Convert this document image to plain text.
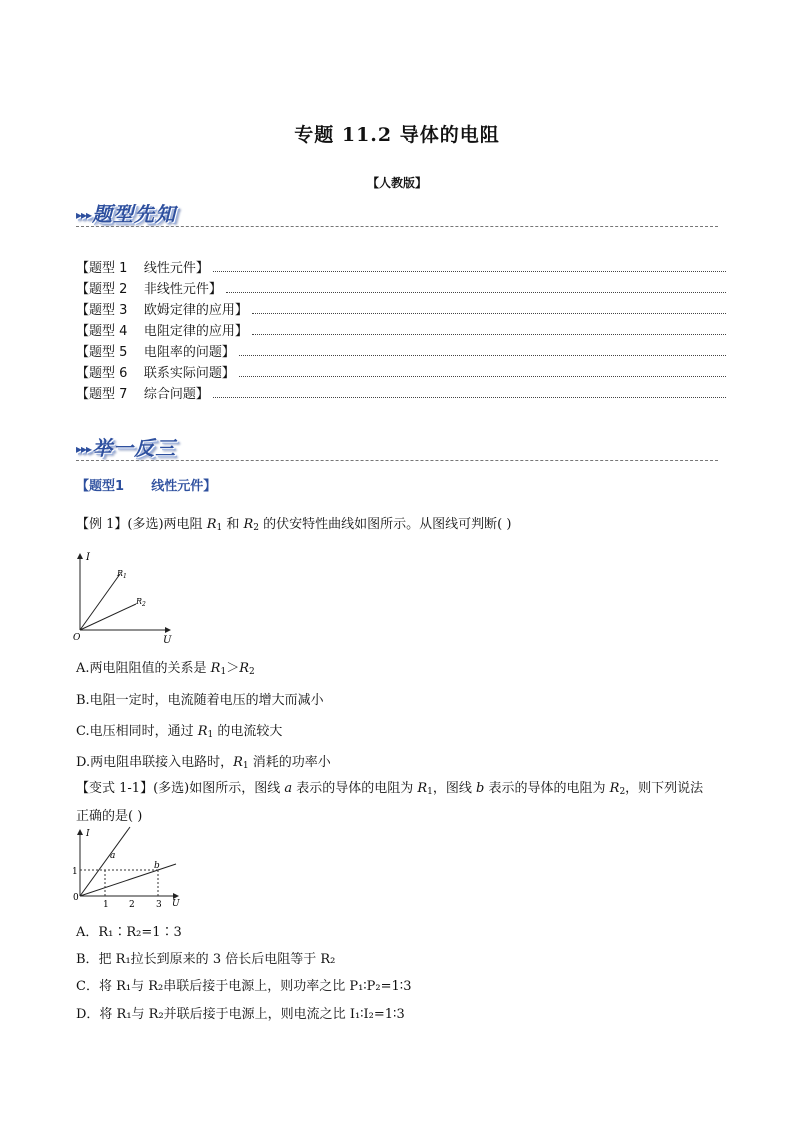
专题 11.2 导体的电阻
【人教版】
▸▸▸题型先知
【题型 1    线性元件】
【题型 2    非线性元件】
【题型 3    欧姆定律的应用】
【题型 4    电阻定律的应用】
【题型 5    电阻率的问题】
【题型 6    联系实际问题】
【题型 7    综合问题】
▸▸▸举一反三
【题型1      线性元件】
【例 1】(多选)两电阻 $R_1$ 和 $R_2$ 的伏安特性曲线如图所示。从图线可判断( )
I
U
O
$R_1$
$R_2$
A.两电阻阻值的关系是 $R_1>R_2$
B.电阻一定时，电流随着电压的增大而减小
C.电压相同时，通过 $R_1$ 的电流较大
D.两电阻串联接入电路时，$R_1$ 消耗的功率小
【变式 1-1】(多选)如图所示，图线 a 表示的导体的电阻为 $R_1$，图线 b 表示的导体的电阻为 $R_2$，则下列说法
正确的是( )
I
U
0
1
1 2 3
a
b
A．R₁∶R₂=1∶3
B．把 R₁拉长到原来的 3 倍长后电阻等于 R₂
C．将 R₁与 R₂串联后接于电源上，则功率之比 P₁∶P₂=1∶3
D．将 R₁与 R₂并联后接于电源上，则电流之比 I₁∶I₂=1∶3
